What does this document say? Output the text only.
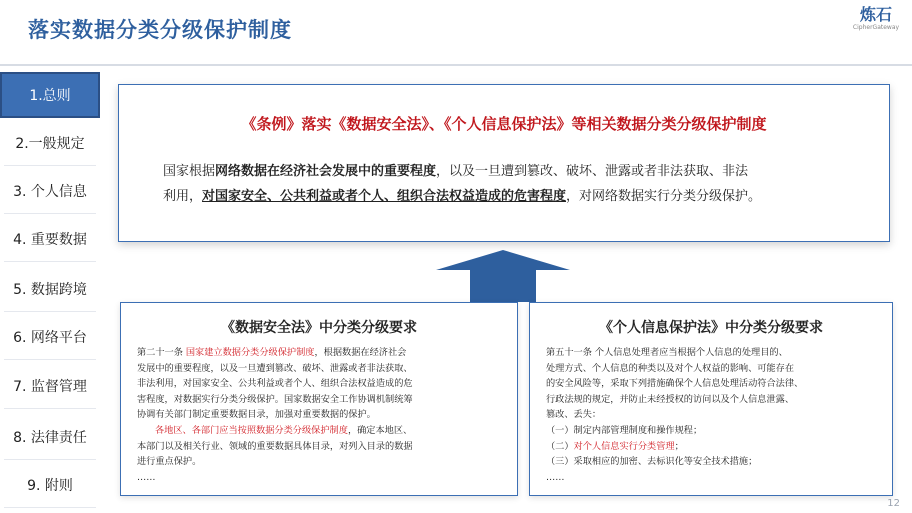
落实数据分类分级保护制度
炼石
CipherGateway
1.总则
2.一般规定
3. 个人信息
4. 重要数据
5. 数据跨境
6. 网络平台
7. 监督管理
8. 法律责任
9. 附则
《条例》落实《数据安全法》、《个人信息保护法》等相关数据分类分级保护制度
国家根据网络数据在经济社会发展中的重要程度，以及一旦遭到篡改、破坏、泄露或者非法获取、非法
利用，对国家安全、公共利益或者个人、组织合法权益造成的危害程度，对网络数据实行分类分级保护。
《数据安全法》中分类分级要求
第二十一条 国家建立数据分类分级保护制度，根据数据在经济社会
发展中的重要程度，以及一旦遭到篡改、破坏、泄露或者非法获取、
非法利用，对国家安全、公共利益或者个人、组织合法权益造成的危
害程度，对数据实行分类分级保护。国家数据安全工作协调机制统筹
协调有关部门制定重要数据目录，加强对重要数据的保护。
各地区、各部门应当按照数据分类分级保护制度，确定本地区、
本部门以及相关行业、领域的重要数据具体目录，对列入目录的数据
进行重点保护。
……
《个人信息保护法》中分类分级要求
第五十一条 个人信息处理者应当根据个人信息的处理目的、
处理方式、个人信息的种类以及对个人权益的影响、可能存在
的安全风险等，采取下列措施确保个人信息处理活动符合法律、
行政法规的规定，并防止未经授权的访问以及个人信息泄露、
篡改、丢失：
（一）制定内部管理制度和操作规程；
（二）对个人信息实行分类管理；
（三）采取相应的加密、去标识化等安全技术措施；
……
12
